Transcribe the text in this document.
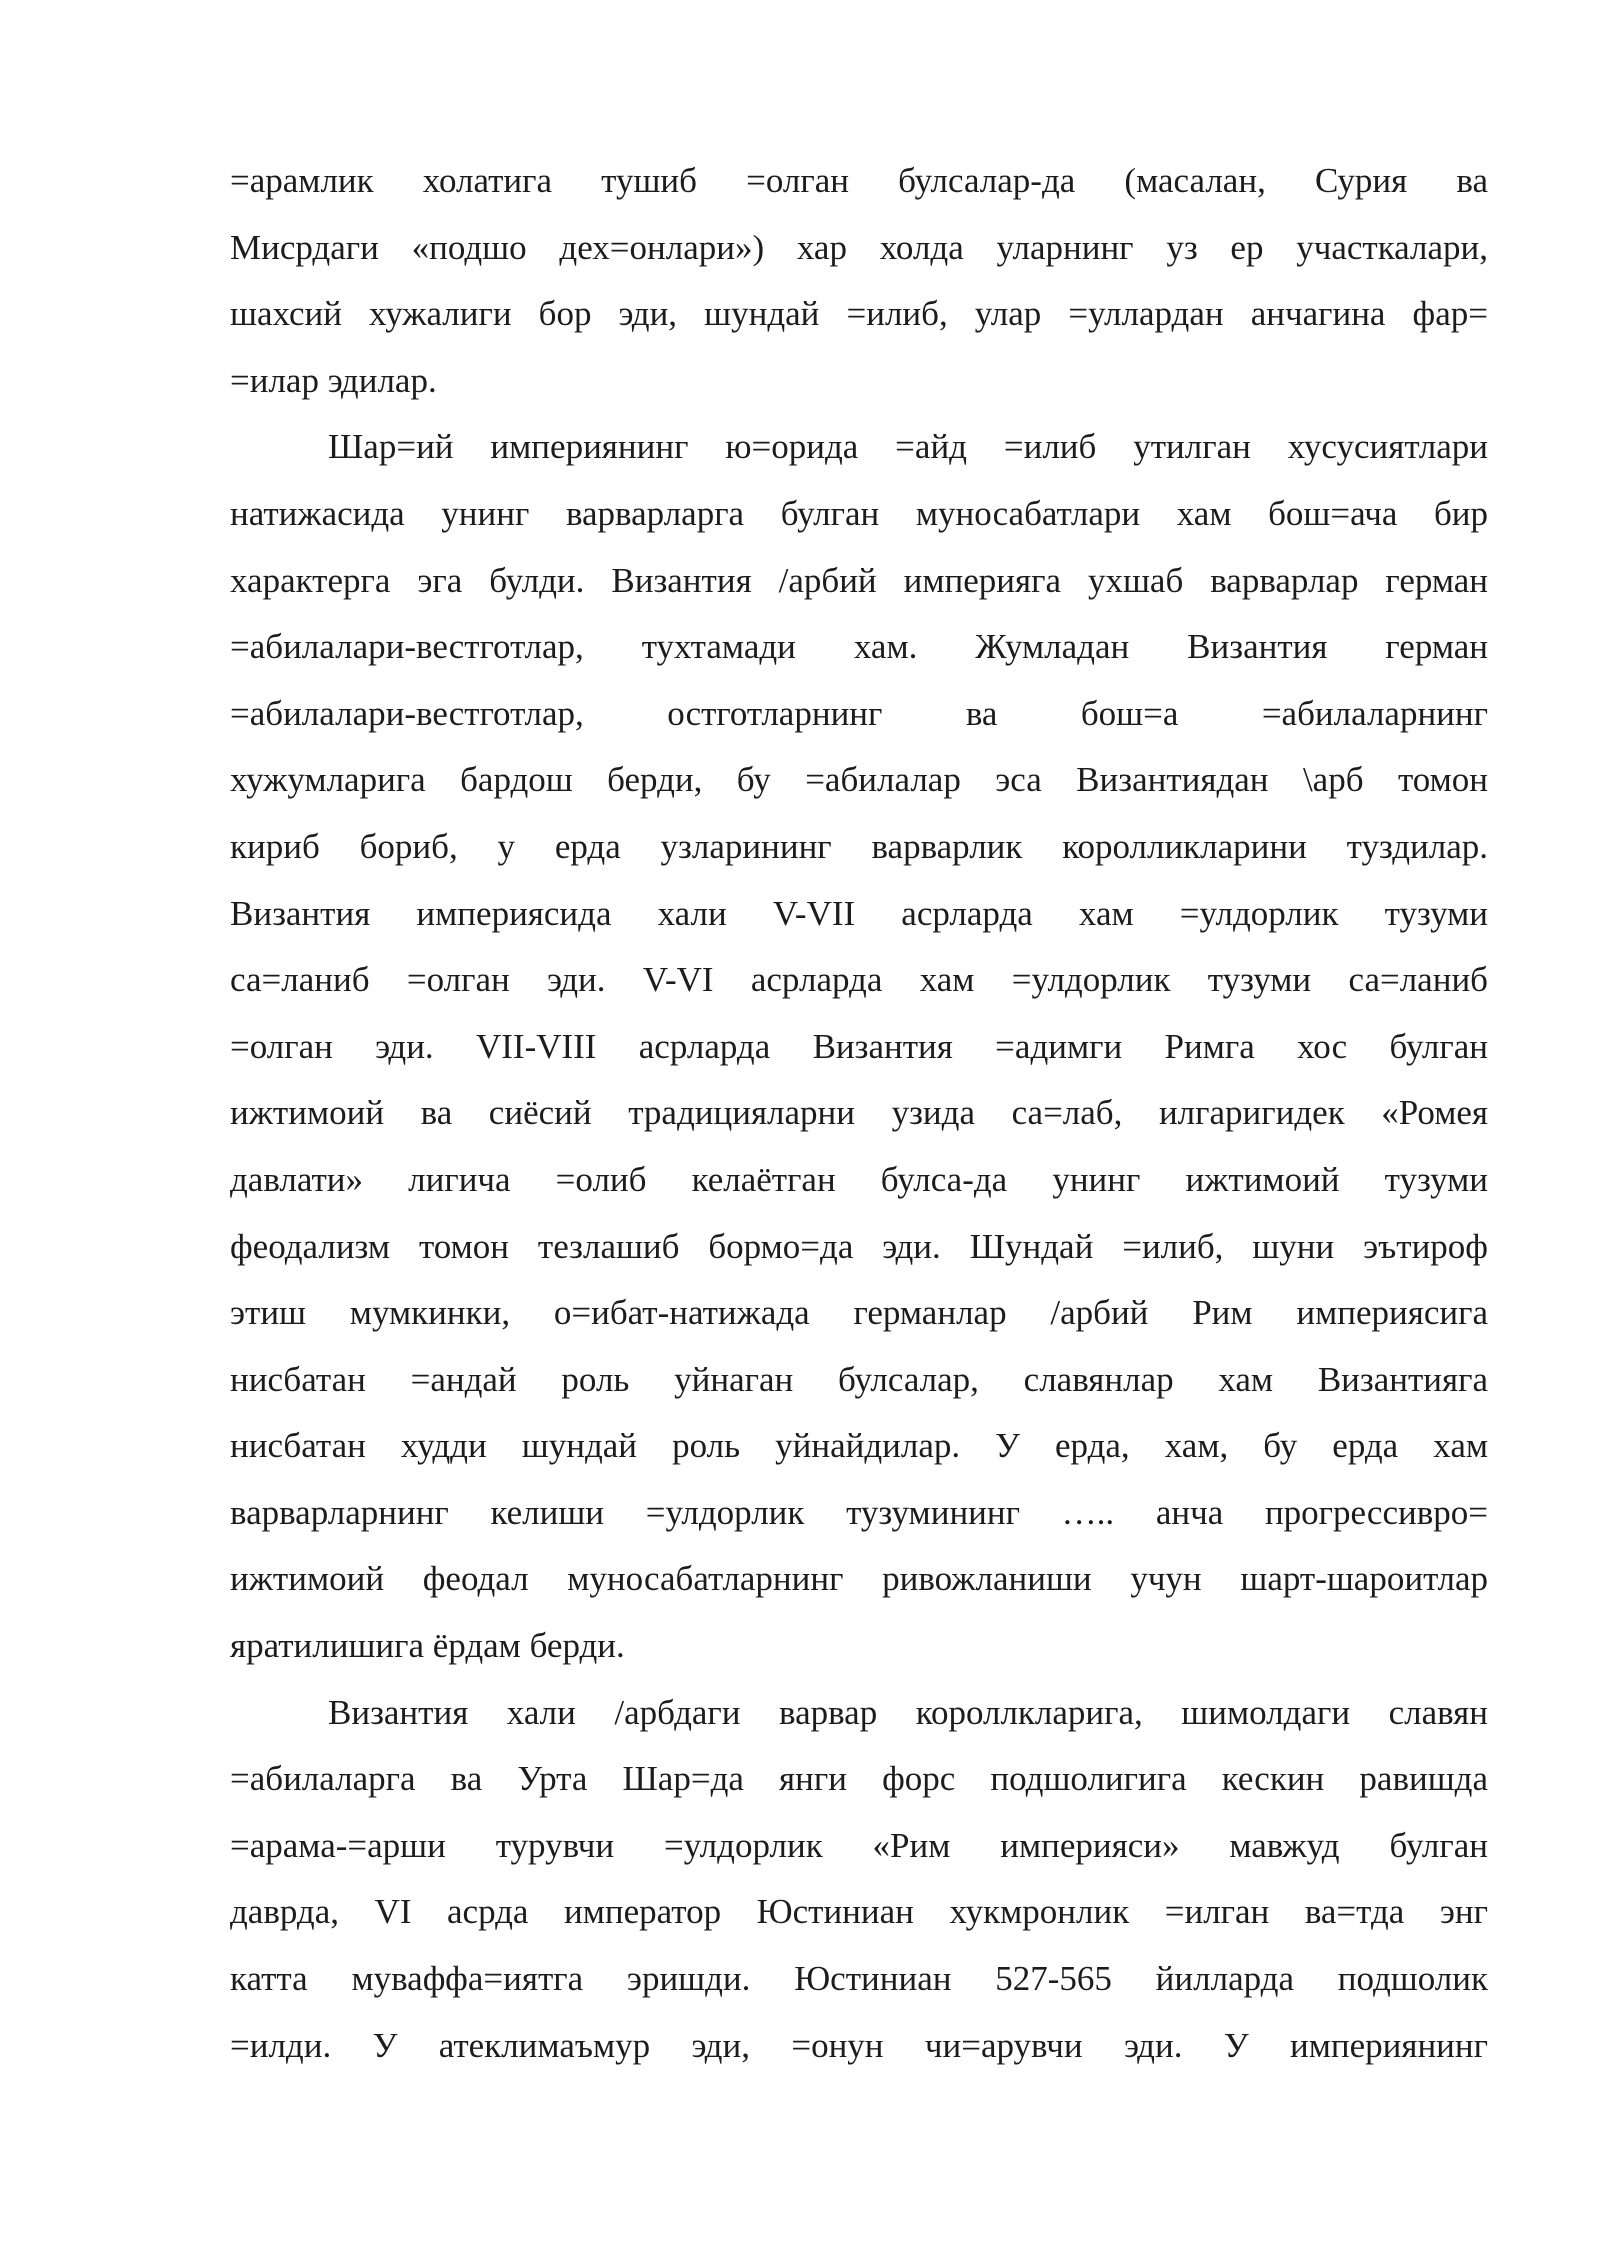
=арамлик холатига тушиб =олган булсалар-да (масалан, Сурия ва
Мисрдаги «подшо дех=онлари») хар холда уларнинг уз ер участкалари,
шахсий хужалиги бор эди, шундай =илиб, улар =уллардан анчагина фар=
=илар эдилар.
Шар=ий империянинг ю=орида =айд =илиб утилган хусусиятлари
натижасида унинг варварларга булган муносабатлари хам бош=ача бир
характерга эга булди. Византия /арбий империяга ухшаб варварлар герман
=абилалари-вестготлар, тухтамади хам. Жумладан Византия герман
=абилалари-вестготлар, остготларнинг ва бош=а =абилаларнинг
хужумларига бардош берди, бу =абилалар эса Византиядан \арб томон
кириб бориб, у ерда узларининг варварлик королликларини туздилар.
Византия империясида хали V-VII асрларда хам =улдорлик тузуми
са=ланиб =олган эди. V-VI асрларда хам =улдорлик тузуми са=ланиб
=олган эди. VII-VIII асрларда Византия =адимги Римга хос булган
ижтимоий ва сиёсий традицияларни узида са=лаб, илгаригидек «Ромея
давлати» лигича =олиб келаётган булса-да унинг ижтимоий тузуми
феодализм томон тезлашиб бормо=да эди. Шундай =илиб, шуни эътироф
этиш мумкинки, о=ибат-натижада германлар /арбий Рим империясига
нисбатан =андай роль уйнаган булсалар, славянлар хам Византияга
нисбатан худди шундай роль уйнайдилар. У ерда, хам, бу ерда хам
варварларнинг келиши =улдорлик тузумининг ….. анча прогрессивро=
ижтимоий феодал муносабатларнинг ривожланиши учун шарт-шароитлар
яратилишига ёрдам берди.
Византия хали /арбдаги варвар короллкларига, шимолдаги славян
=абилаларга ва Урта Шар=да янги форс подшолигига кескин равишда
=арама-=арши турувчи =улдорлик «Рим империяси» мавжуд булган
даврда, VI асрда император Юстиниан хукмронлик =илган ва=тда энг
катта муваффа=иятга эришди. Юстиниан 527-565 йилларда подшолик
=илди. У атеклимаъмур эди, =онун чи=арувчи эди. У империянинг
